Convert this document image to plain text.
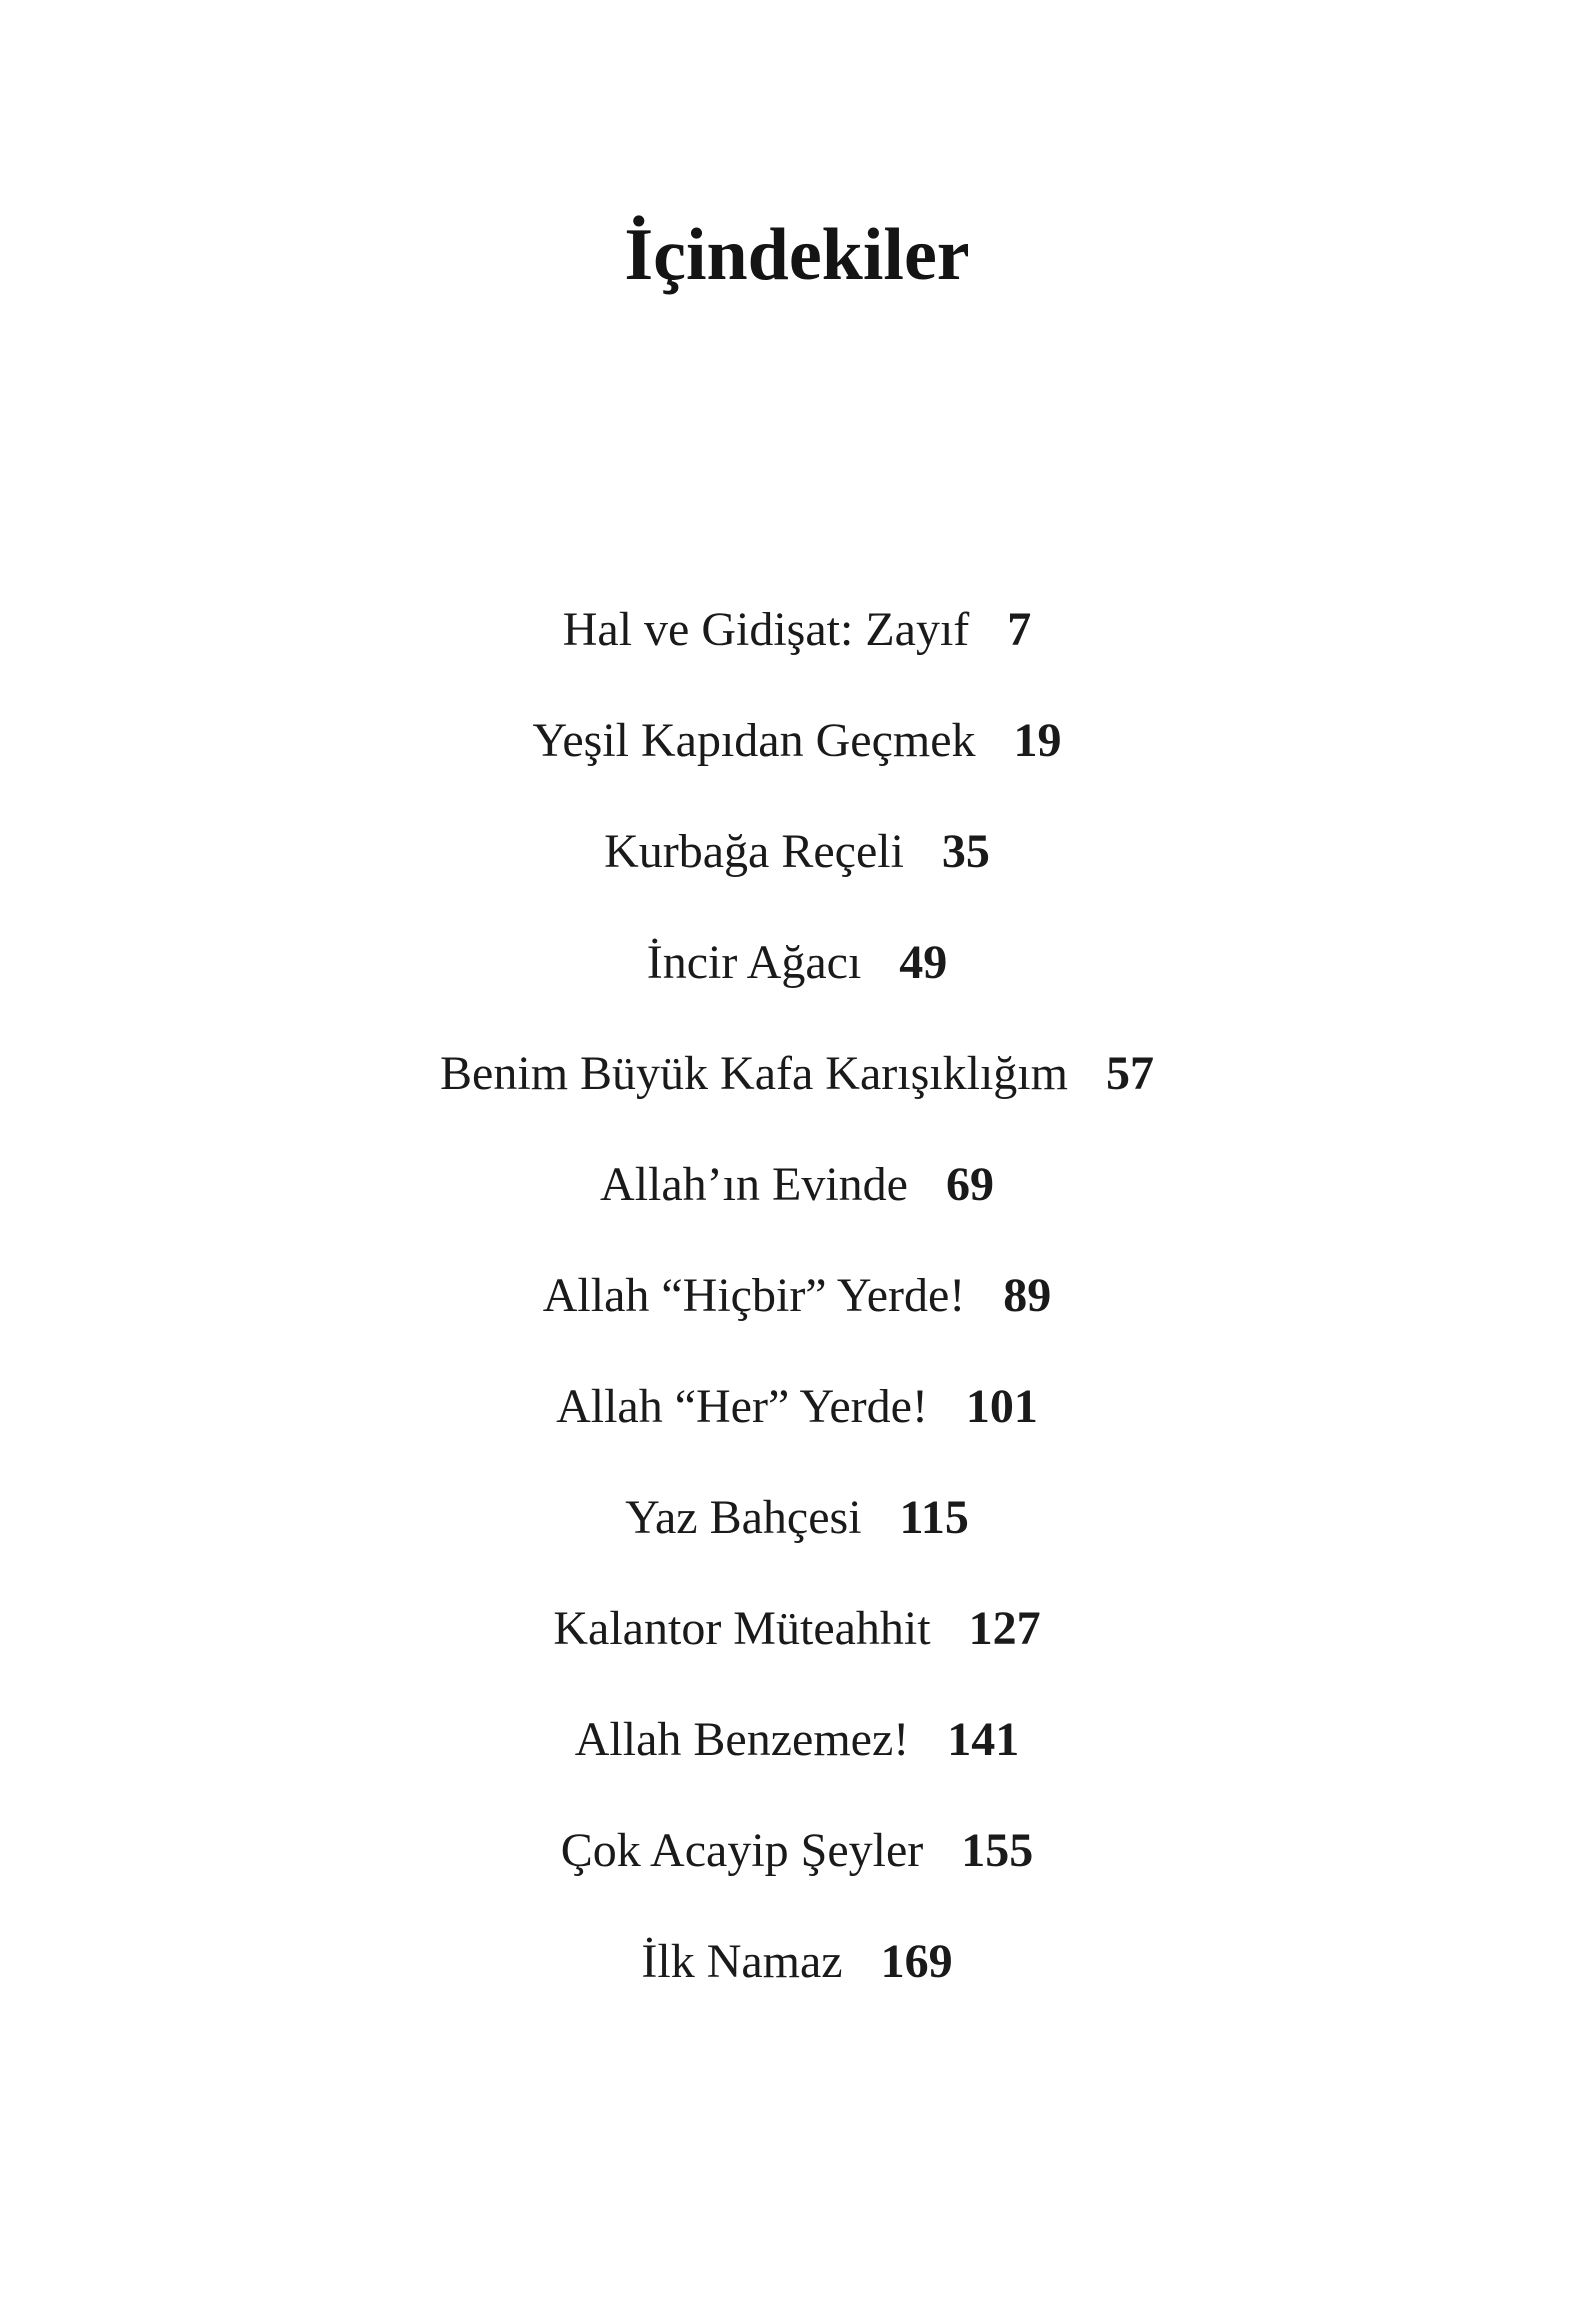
İçindekiler
Hal ve Gidişat: Zayıf 7
Yeşil Kapıdan Geçmek 19
Kurbağa Reçeli 35
İncir Ağacı 49
Benim Büyük Kafa Karışıklığım 57
Allah’ın Evinde 69
Allah “Hiçbir” Yerde! 89
Allah “Her” Yerde! 101
Yaz Bahçesi 115
Kalantor Müteahhit 127
Allah Benzemez! 141
Çok Acayip Şeyler 155
İlk Namaz 169
